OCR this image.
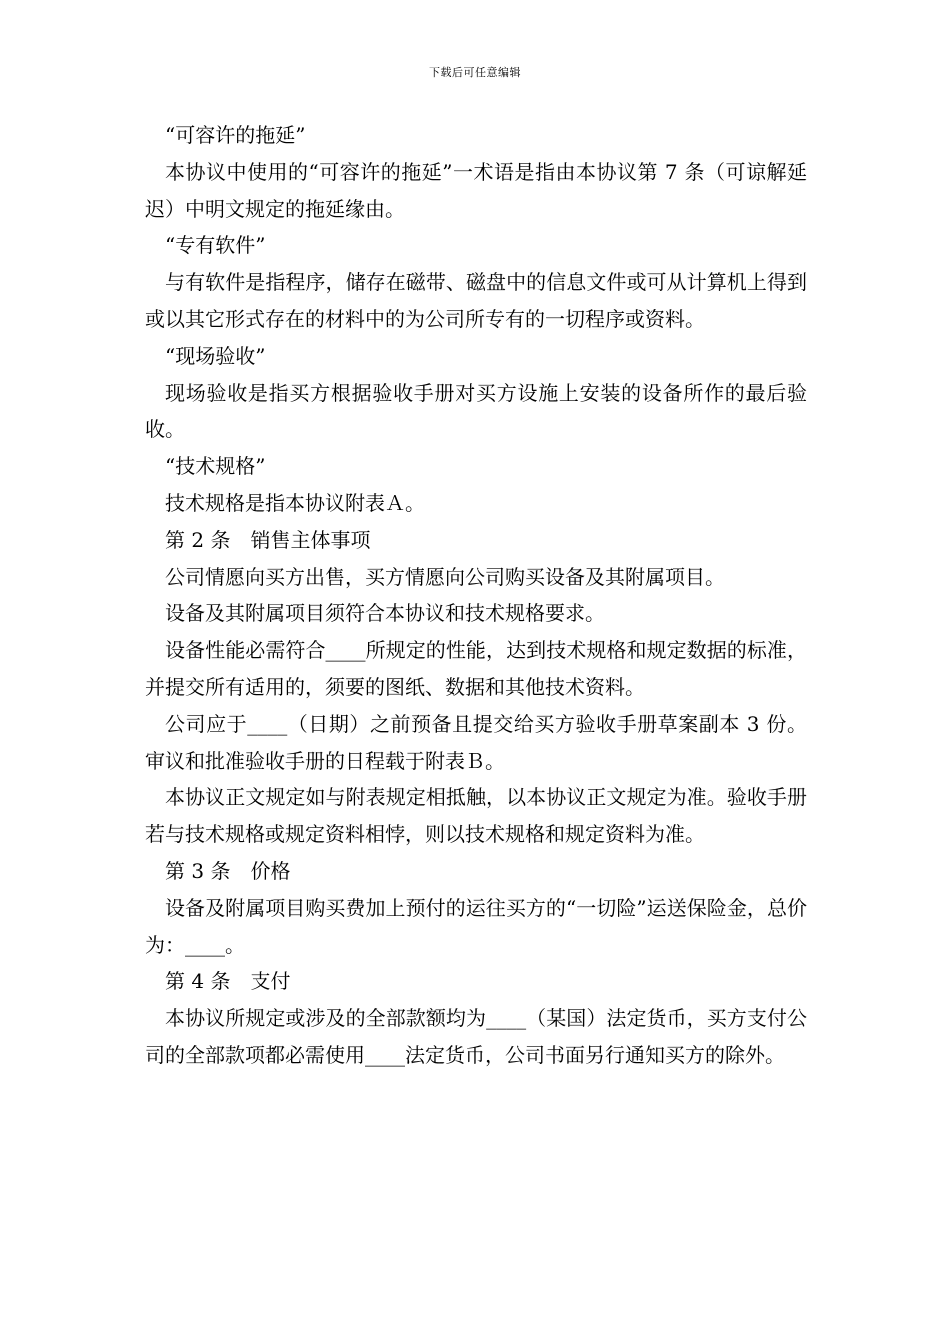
下载后可任意编辑

“可容许的拖延”

本协议中使用的“可容许的拖延”一术语是指由本协议第 7 条（可谅解延迟）中明文规定的拖延缘由。

“专有软件”

与有软件是指程序，储存在磁带、磁盘中的信息文件或可从计算机上得到或以其它形式存在的材料中的为公司所专有的一切程序或资料。

“现场验收”

现场验收是指买方根据验收手册对买方设施上安装的设备所作的最后验收。

“技术规格”

技术规格是指本协议附表Ａ。

第 2 条　销售主体事项

公司情愿向买方出售，买方情愿向公司购买设备及其附属项目。

设备及其附属项目须符合本协议和技术规格要求。

设备性能必需符合____所规定的性能，达到技术规格和规定数据的标准，并提交所有适用的，须要的图纸、数据和其他技术资料。

公司应于____（日期）之前预备且提交给买方验收手册草案副本 3 份。审议和批准验收手册的日程载于附表Ｂ。

本协议正文规定如与附表规定相抵触，以本协议正文规定为准。验收手册若与技术规格或规定资料相悖，则以技术规格和规定资料为准。

第 3 条　价格

设备及附属项目购买费加上预付的运往买方的“一切险”运送保险金，总价为：____。

第 4 条　支付

本协议所规定或涉及的全部款额均为____（某国）法定货币，买方支付公司的全部款项都必需使用____法定货币，公司书面另行通知买方的除外。
